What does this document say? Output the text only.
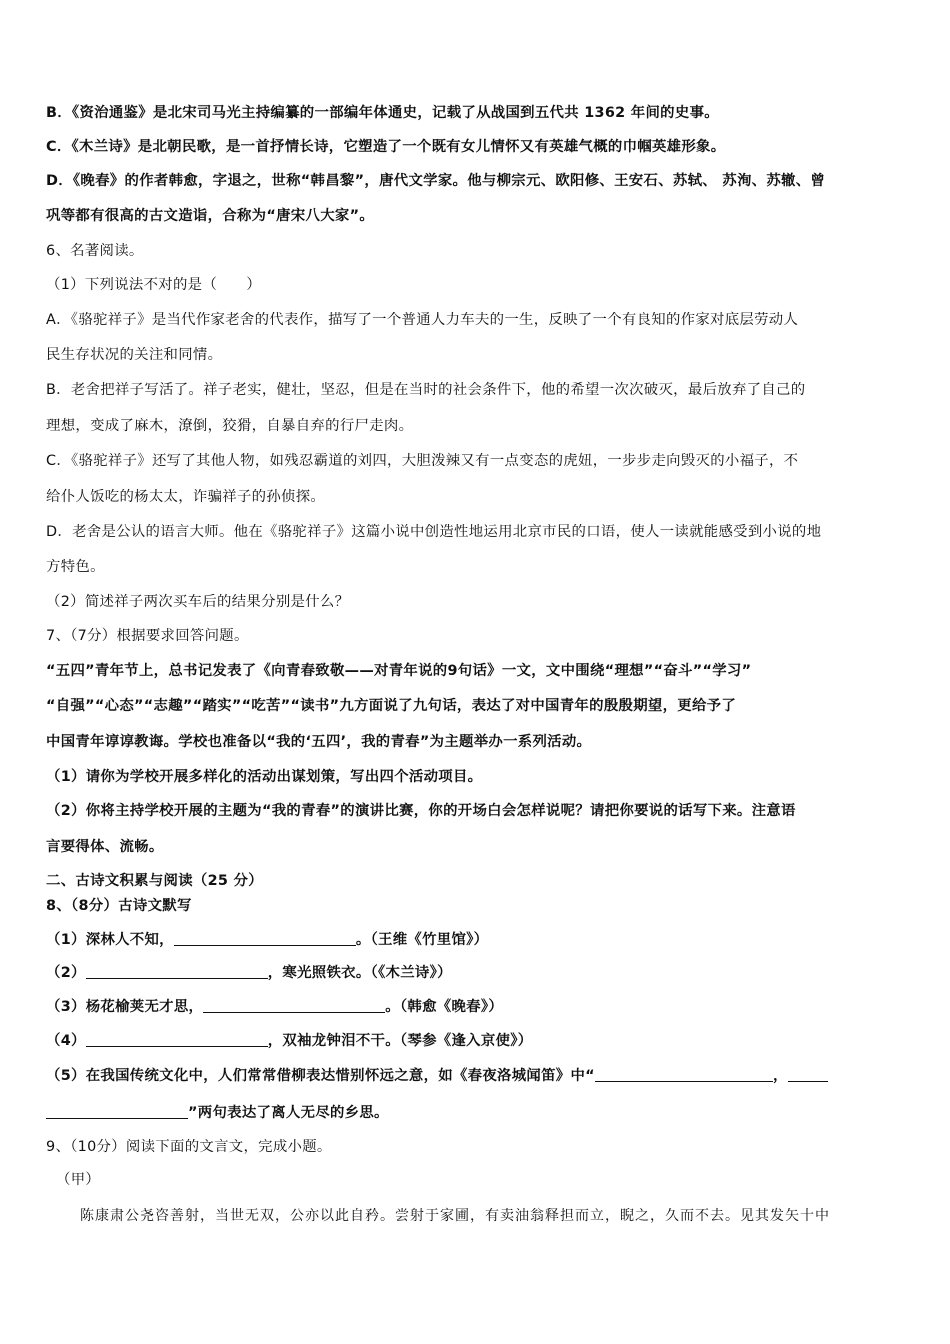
B．《资治通鉴》是北宋司马光主持编纂的一部编年体通史，记载了从战国到五代共 1362 年间的史事。
C．《木兰诗》是北朝民歌，是一首抒情长诗，它塑造了一个既有女儿情怀又有英雄气概的巾帼英雄形象。
D．《晚春》的作者韩愈，字退之，世称“韩昌黎”，唐代文学家。他与柳宗元、欧阳修、王安石、苏轼、 苏洵、苏辙、曾
巩等都有很高的古文造诣，合称为“唐宋八大家”。
6、名著阅读。
（1）下列说法不对的是（　　）
A．《骆驼祥子》是当代作家老舍的代表作，描写了一个普通人力车夫的一生，反映了一个有良知的作家对底层劳动人
民生存状况的关注和同情。
B．老舍把祥子写活了。祥子老实，健壮，坚忍，但是在当时的社会条件下，他的希望一次次破灭，最后放弃了自己的
理想，变成了麻木，潦倒，狡猾，自暴自弃的行尸走肉。
C．《骆驼祥子》还写了其他人物，如残忍霸道的刘四，大胆泼辣又有一点变态的虎妞，一步步走向毁灭的小福子，不
给仆人饭吃的杨太太，诈骗祥子的孙侦探。
D．老舍是公认的语言大师。他在《骆驼祥子》这篇小说中创造性地运用北京市民的口语，使人一读就能感受到小说的地
方特色。
（2）简述祥子两次买车后的结果分别是什么？
7、（7分）根据要求回答问题。
“五四”青年节上，总书记发表了《向青春致敬——对青年说的9句话》一文，文中围绕“理想”“奋斗”“学习”
“自强”“心态”“志趣”“踏实”“吃苦”“读书”九方面说了九句话，表达了对中国青年的殷殷期望，更给予了
中国青年谆谆教诲。学校也准备以“我的‘五四’，我的青春”为主题举办一系列活动。
（1）请你为学校开展多样化的活动出谋划策，写出四个活动项目。
（2）你将主持学校开展的主题为“我的青春”的演讲比赛，你的开场白会怎样说呢？请把你要说的话写下来。注意语
言要得体、流畅。
二、古诗文积累与阅读（25 分）
8、（8分）古诗文默写
（1）深林人不知，	。（王维《竹里馆》）
（2）	，寒光照铁衣。（《木兰诗》）
（3）杨花榆荚无才思，	。（韩愈《晚春》）
（4）	，双袖龙钟泪不干。（琴参《逢入京使》）
（5）在我国传统文化中，人们常常借柳表达惜别怀远之意，如《春夜洛城闻笛》中“	，
”两句表达了离人无尽的乡思。
9、（10分）阅读下面的文言文，完成小题。
（甲）
陈康肃公尧咨善射，当世无双，公亦以此自矜。尝射于家圃，有卖油翁释担而立，睨之，久而不去。见其发矢十中
